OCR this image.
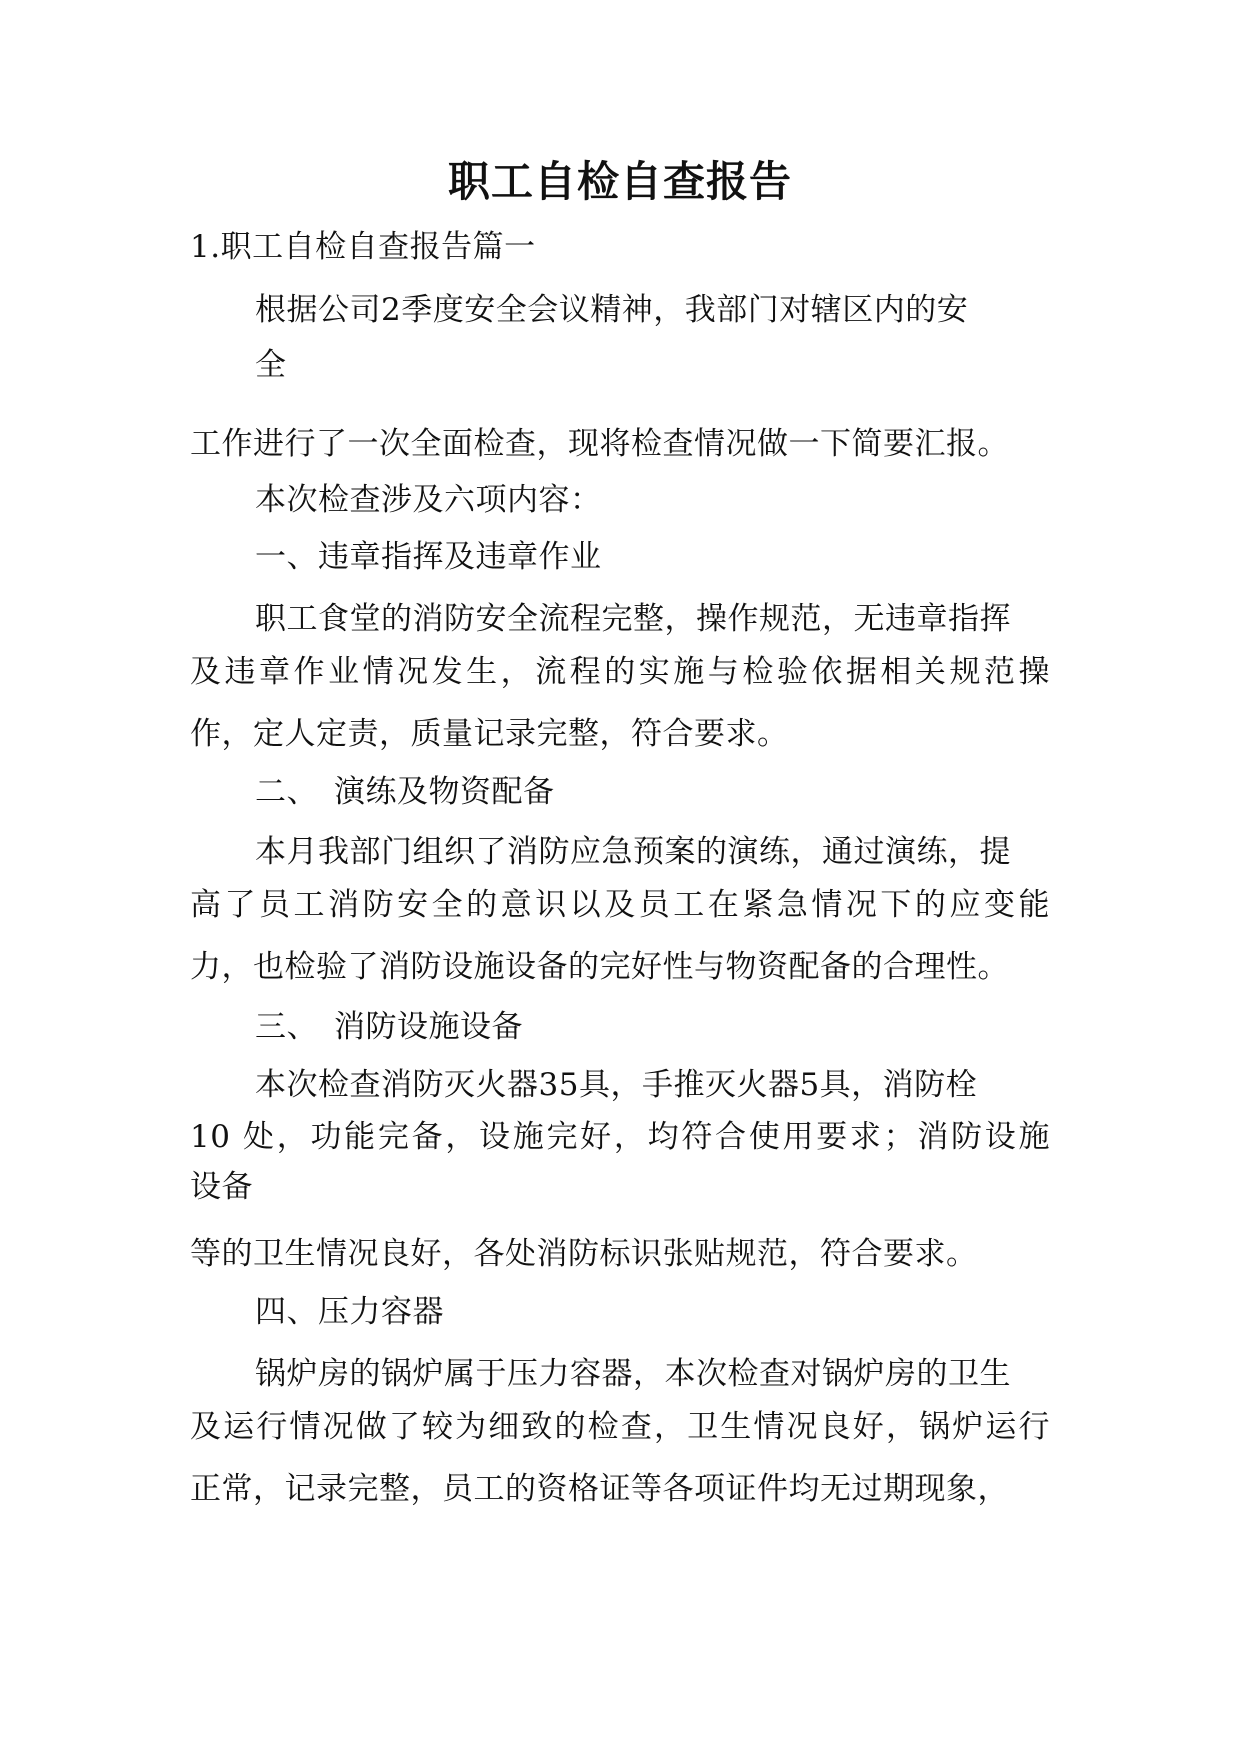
职工自检自查报告
1.职工自检自查报告篇一
根据公司2季度安全会议精神，我部门对辖区内的安
全
工作进行了一次全面检查，现将检查情况做一下简要汇报。
本次检查涉及六项内容：
一、违章指挥及违章作业
职工食堂的消防安全流程完整，操作规范，无违章指挥
及违章作业情况发生，流程的实施与检验依据相关规范操
作，定人定责，质量记录完整，符合要求。
二、　演练及物资配备
本月我部门组织了消防应急预案的演练，通过演练，提
高了员工消防安全的意识以及员工在紧急情况下的应变能
力，也检验了消防设施设备的完好性与物资配备的合理性。
三、　消防设施设备
本次检查消防灭火器35具，手推灭火器5具，消防栓
10 处，功能完备，设施完好，均符合使用要求；消防设施
设备
等的卫生情况良好，各处消防标识张贴规范，符合要求。
四、压力容器
锅炉房的锅炉属于压力容器，本次检查对锅炉房的卫生
及运行情况做了较为细致的检查，卫生情况良好，锅炉运行
正常，记录完整，员工的资格证等各项证件均无过期现象，
